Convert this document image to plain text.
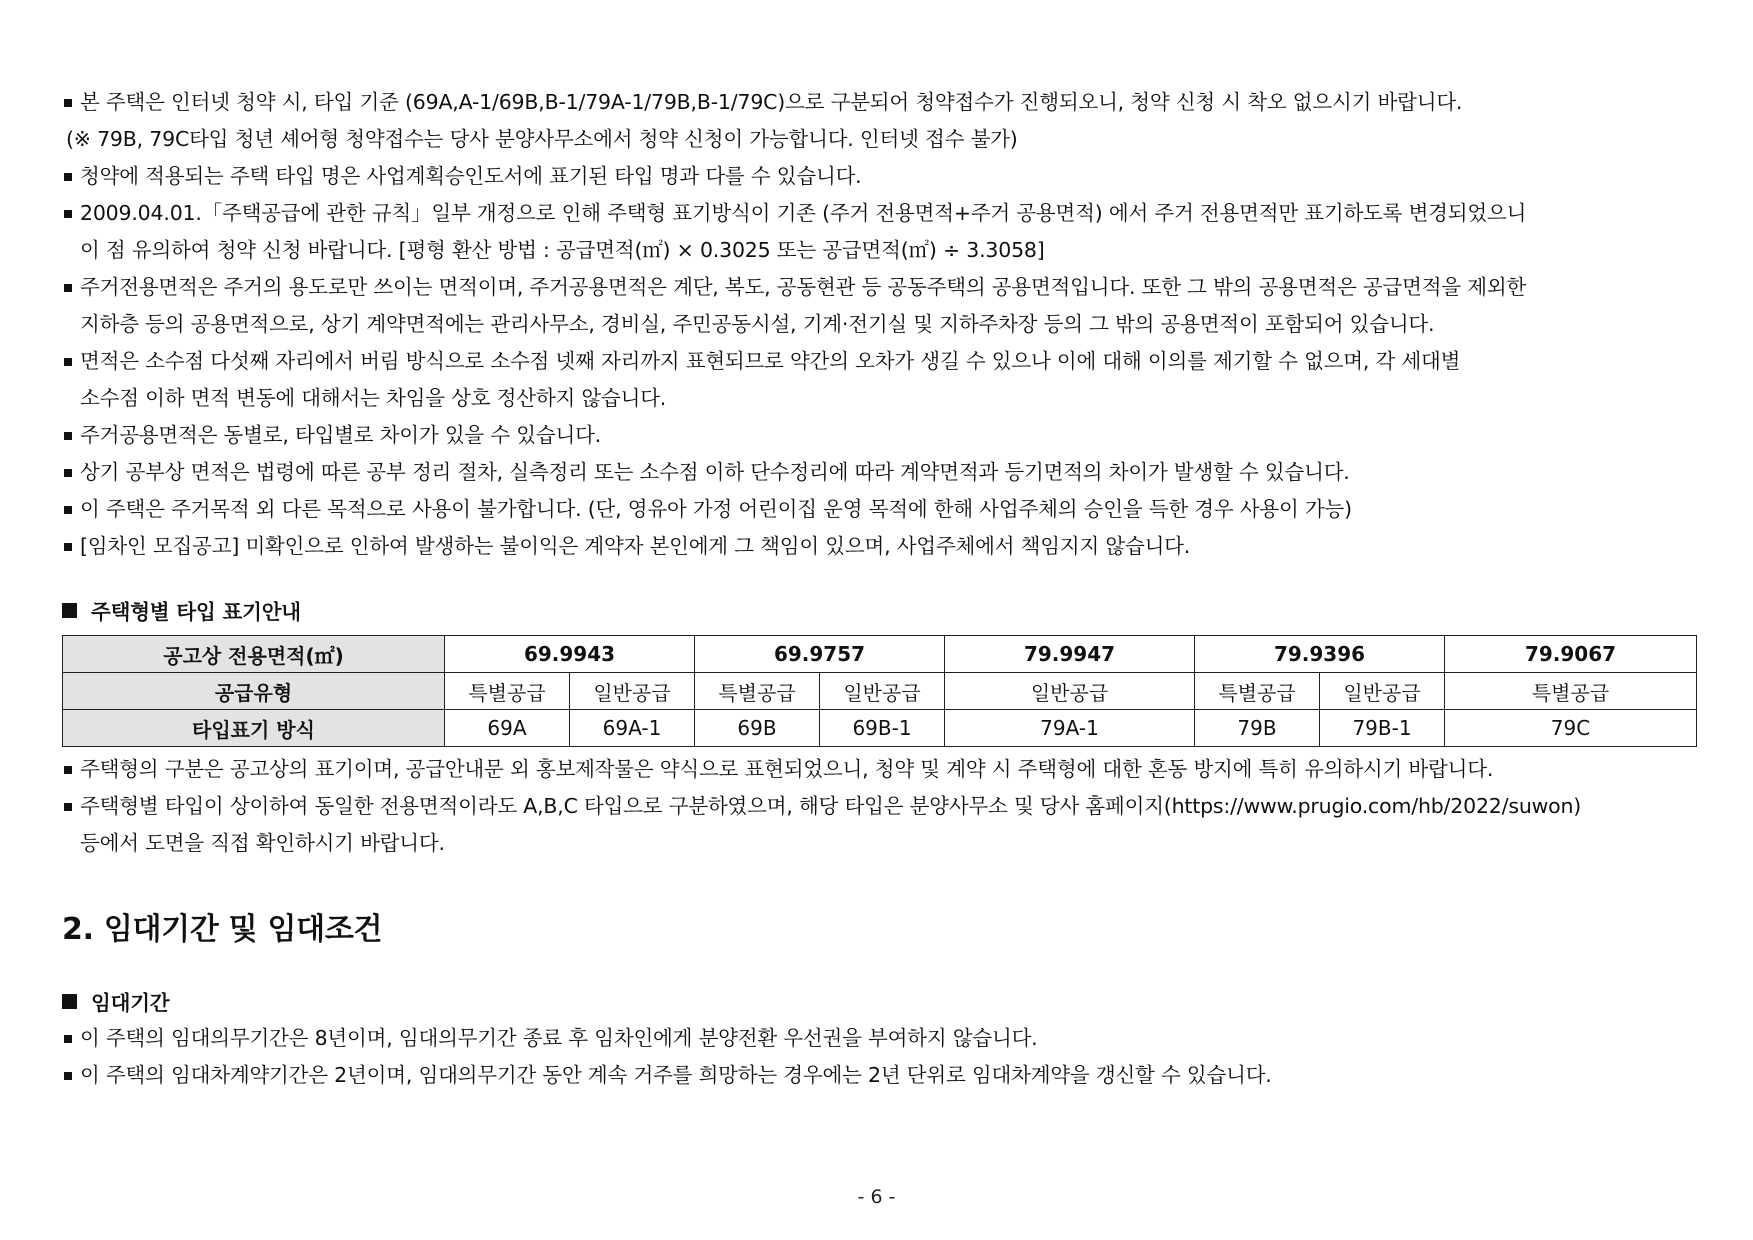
본 주택은 인터넷 청약 시, 타입 기준 (69A,A-1/69B,B-1/79A-1/79B,B-1/79C)으로 구분되어 청약접수가 진행되오니, 청약 신청 시 착오 없으시기 바랍니다.
(※ 79B, 79C타입 청년 셰어형 청약접수는 당사 분양사무소에서 청약 신청이 가능합니다. 인터넷 접수 불가)
청약에 적용되는 주택 타입 명은 사업계획승인도서에 표기된 타입 명과 다를 수 있습니다.
2009.04.01.「주택공급에 관한 규칙」일부 개정으로 인해 주택형 표기방식이 기존 (주거 전용면적+주거 공용면적) 에서 주거 전용면적만 표기하도록 변경되었으니
이 점 유의하여 청약 신청 바랍니다. [평형 환산 방법 : 공급면적(㎡) × 0.3025 또는 공급면적(㎡) ÷ 3.3058]
주거전용면적은 주거의 용도로만 쓰이는 면적이며, 주거공용면적은 계단, 복도, 공동현관 등 공동주택의 공용면적입니다. 또한 그 밖의 공용면적은 공급면적을 제외한
지하층 등의 공용면적으로, 상기 계약면적에는 관리사무소, 경비실, 주민공동시설, 기계·전기실 및 지하주차장 등의 그 밖의 공용면적이 포함되어 있습니다.
면적은 소수점 다섯째 자리에서 버림 방식으로 소수점 넷째 자리까지 표현되므로 약간의 오차가 생길 수 있으나 이에 대해 이의를 제기할 수 없으며, 각 세대별
소수점 이하 면적 변동에 대해서는 차임을 상호 정산하지 않습니다.
주거공용면적은 동별로, 타입별로 차이가 있을 수 있습니다.
상기 공부상 면적은 법령에 따른 공부 정리 절차, 실측정리 또는 소수점 이하 단수정리에 따라 계약면적과 등기면적의 차이가 발생할 수 있습니다.
이 주택은 주거목적 외 다른 목적으로 사용이 불가합니다. (단, 영유아 가정 어린이집 운영 목적에 한해 사업주체의 승인을 득한 경우 사용이 가능)
[임차인 모집공고] 미확인으로 인하여 발생하는 불이익은 계약자 본인에게 그 책임이 있으며, 사업주체에서 책임지지 않습니다.
주택형별 타입 표기안내
공고상 전용면적(㎡)	69.9943		69.9757		79.9947	79.9396		79.9067
공급유형	특별공급	일반공급	특별공급	일반공급	일반공급	특별공급	일반공급	특별공급
타입표기 방식	69A	69A-1	69B	69B-1	79A-1	79B	79B-1	79C
주택형의 구분은 공고상의 표기이며, 공급안내문 외 홍보제작물은 약식으로 표현되었으니, 청약 및 계약 시 주택형에 대한 혼동 방지에 특히 유의하시기 바랍니다.
주택형별 타입이 상이하여 동일한 전용면적이라도 A,B,C 타입으로 구분하였으며, 해당 타입은 분양사무소 및 당사 홈페이지(https://www.prugio.com/hb/2022/suwon)
등에서 도면을 직접 확인하시기 바랍니다.
2. 임대기간 및 임대조건
임대기간
이 주택의 임대의무기간은 8년이며, 임대의무기간 종료 후 임차인에게 분양전환 우선권을 부여하지 않습니다.
이 주택의 임대차계약기간은 2년이며, 임대의무기간 동안 계속 거주를 희망하는 경우에는 2년 단위로 임대차계약을 갱신할 수 있습니다.
- 6 -
